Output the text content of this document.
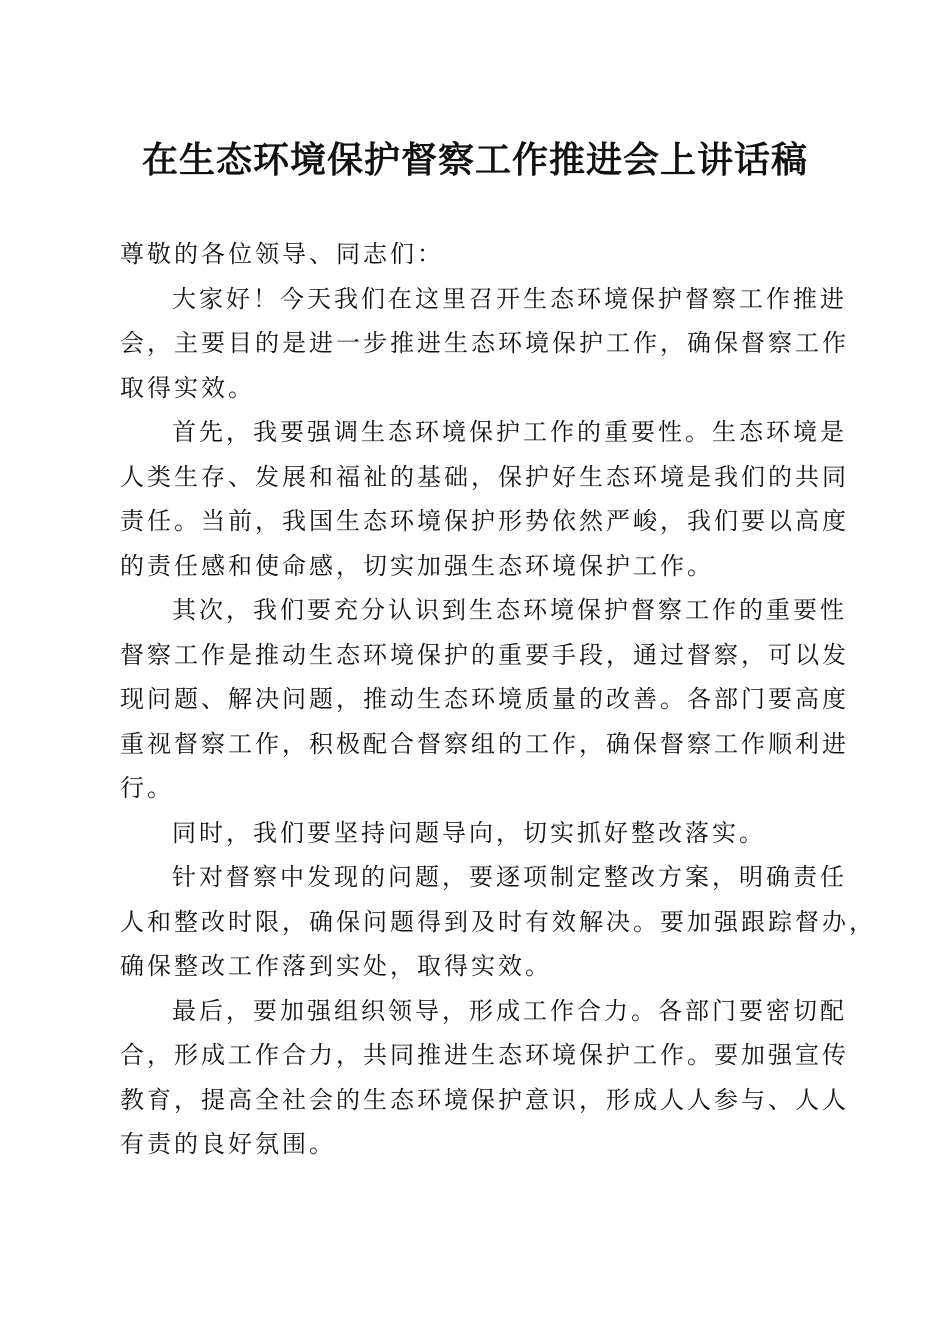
在生态环境保护督察工作推进会上讲话稿
尊敬的各位领导、同志们：
大家好！今天我们在这里召开生态环境保护督察工作推进
会，主要目的是进一步推进生态环境保护工作，确保督察工作
取得实效。
首先，我要强调生态环境保护工作的重要性。生态环境是
人类生存、发展和福祉的基础，保护好生态环境是我们的共同
责任。当前，我国生态环境保护形势依然严峻，我们要以高度
的责任感和使命感，切实加强生态环境保护工作。
其次，我们要充分认识到生态环境保护督察工作的重要性
督察工作是推动生态环境保护的重要手段，通过督察，可以发
现问题、解决问题，推动生态环境质量的改善。各部门要高度
重视督察工作，积极配合督察组的工作，确保督察工作顺利进
行。
同时，我们要坚持问题导向，切实抓好整改落实。
针对督察中发现的问题，要逐项制定整改方案，明确责任
人和整改时限，确保问题得到及时有效解决。要加强跟踪督办，
确保整改工作落到实处，取得实效。
最后，要加强组织领导，形成工作合力。各部门要密切配
合，形成工作合力，共同推进生态环境保护工作。要加强宣传
教育，提高全社会的生态环境保护意识，形成人人参与、人人
有责的良好氛围。
